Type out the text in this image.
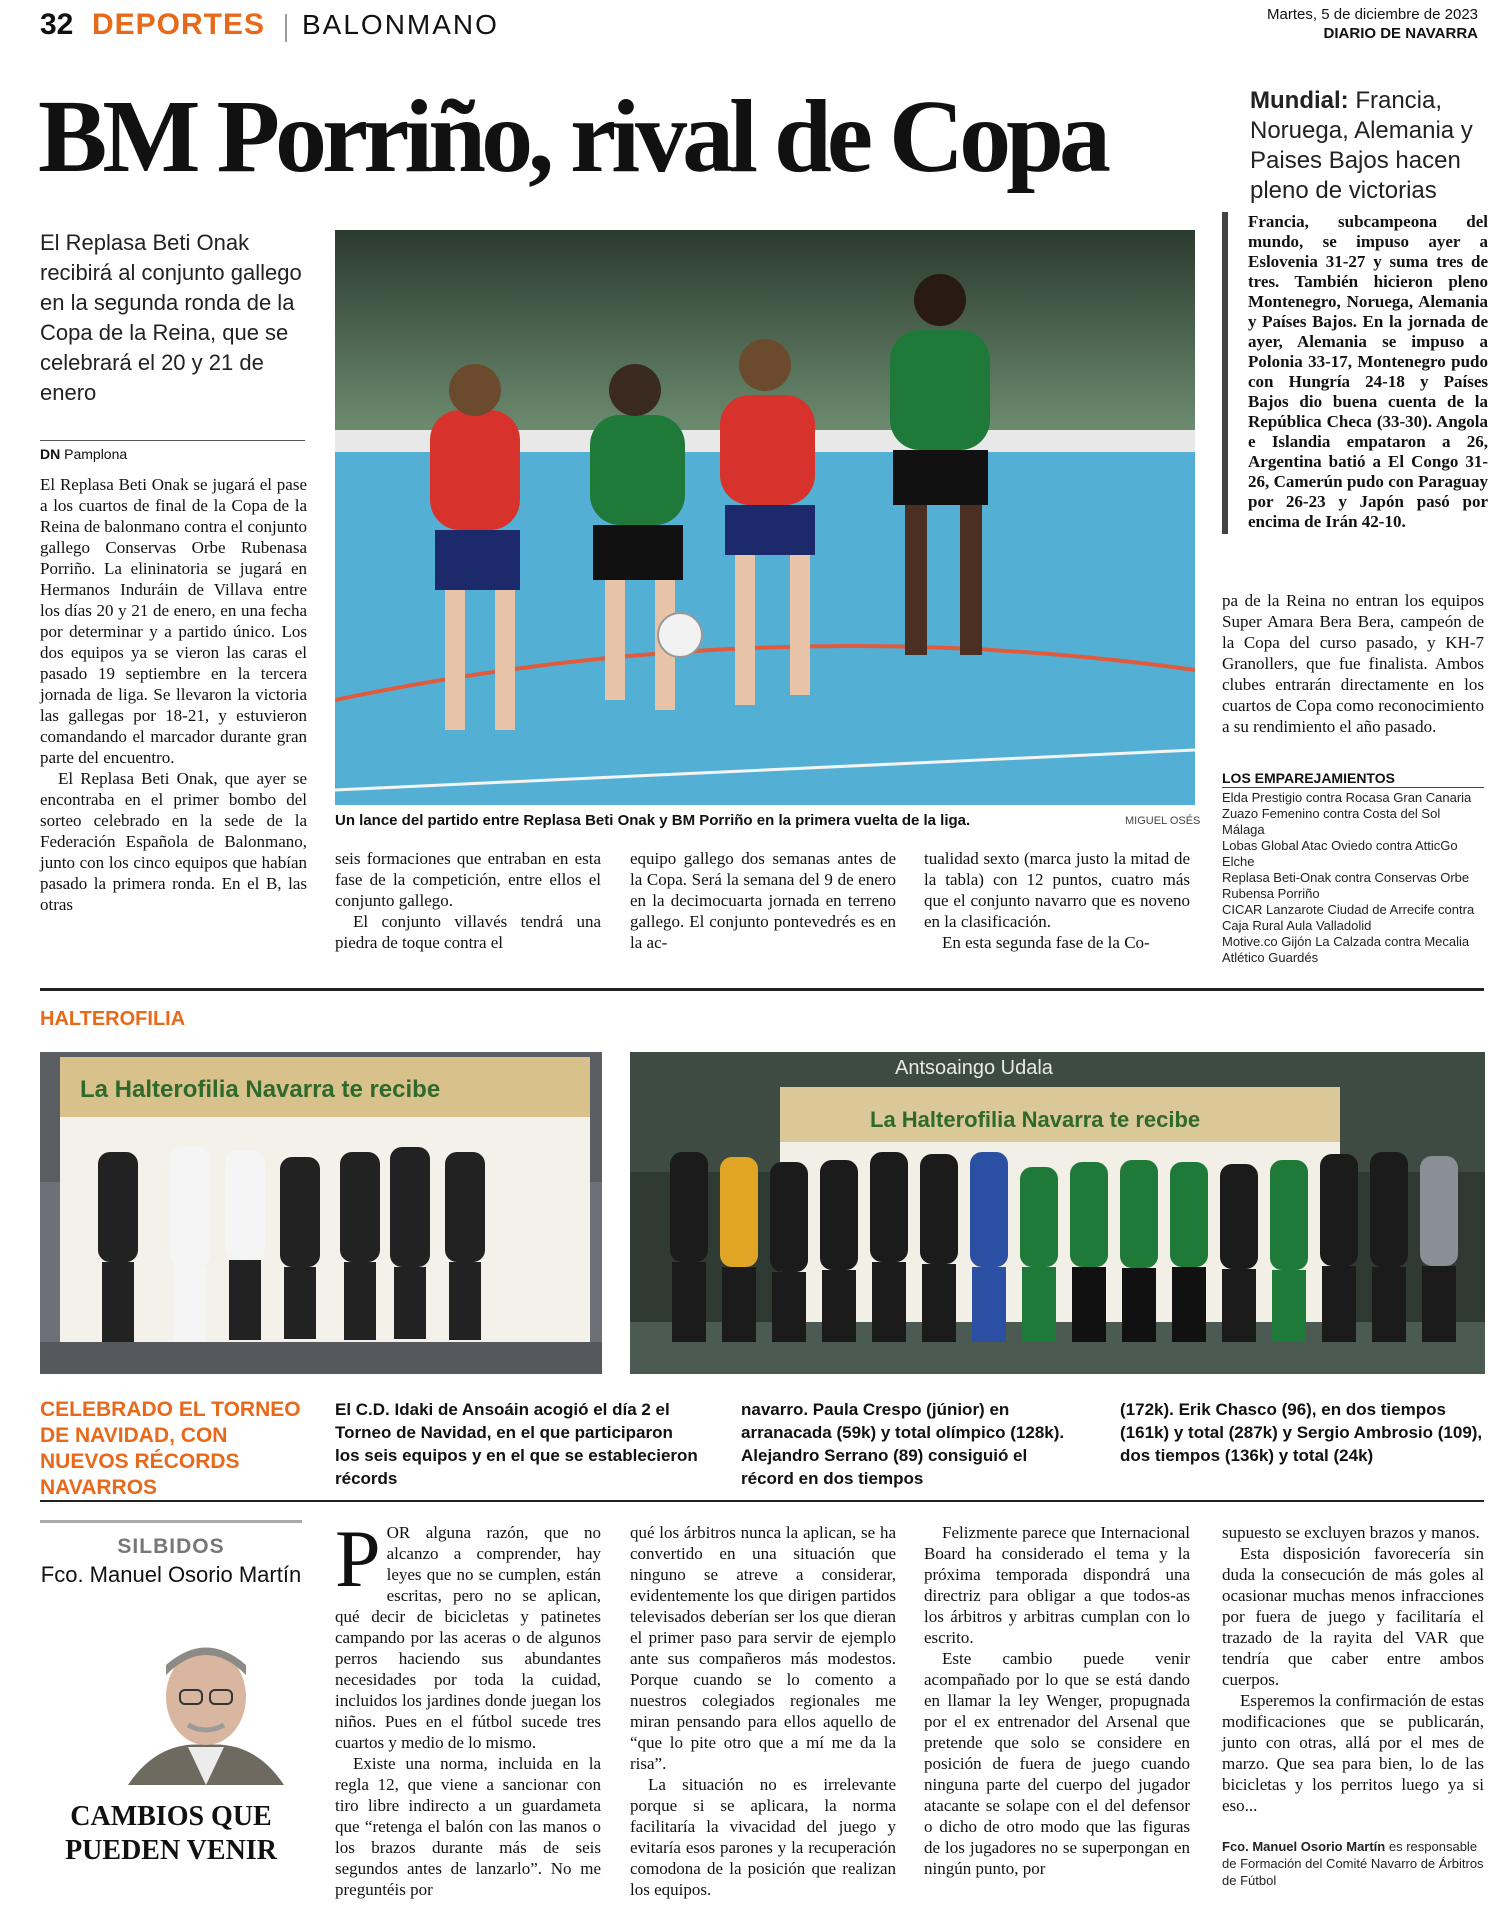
32 DEPORTES BALONMANO	Martes, 5 de diciembre de 2023
DIARIO DE NAVARRA
BM Porriño, rival de Copa
El Replasa Beti Onak recibirá al conjunto gallego en la segunda ronda de la Copa de la Reina, que se celebrará el 20 y 21 de enero
DN Pamplona

El Replasa Beti Onak se jugará el pase a los cuartos de final de la Copa de la Reina de balonmano contra el conjunto gallego Conservas Orbe Rubenasa Porriño. La elininatoria se jugará en Hermanos Induráin de Villava entre los días 20 y 21 de enero, en una fecha por determinar y a partido único. Los dos equipos ya se vieron las caras el pasado 19 septiembre en la tercera jornada de liga. Se llevaron la victoria las gallegas por 18-21, y estuvieron comandando el marcador durante gran parte del encuentro.

El Replasa Beti Onak, que ayer se encontraba en el primer bombo del sorteo celebrado en la sede de la Federación Española de Balonmano, junto con los cinco equipos que habían pasado la primera ronda. En el B, las otras

Un lance del partido entre Replasa Beti Onak y BM Porriño en la primera vuelta de la liga.	MIGUEL OSÉS

seis formaciones que entraban en esta fase de la competición, entre ellos el conjunto gallego.

El conjunto villavés tendrá una piedra de toque contra el

equipo gallego dos semanas antes de la Copa. Será la semana del 9 de enero en la decimocuarta jornada en terreno gallego. El conjunto pontevedrés es en la ac-

tualidad sexto (marca justo la mitad de la tabla) con 12 puntos, cuatro más que el conjunto navarro que es noveno en la clasificación.

En esta segunda fase de la Co-

pa de la Reina no entran los equipos Super Amara Bera Bera, campeón de la Copa del curso pasado, y KH-7 Granollers, que fue finalista. Ambos clubes entrarán directamente en los cuartos de Copa como reconocimiento a su rendimiento el año pasado.

Mundial: Francia, Noruega, Alemania y Paises Bajos hacen pleno de victorias
Francia, subcampeona del mundo, se impuso ayer a Eslovenia 31-27 y suma tres de tres. También hicieron pleno Montenegro, Noruega, Alemania y Países Bajos. En la jornada de ayer, Alemania se impuso a Polonia 33-17, Montenegro pudo con Hungría 24-18 y Países Bajos dio buena cuenta de la República Checa (33-30). Angola e Islandia empataron a 26, Argentina batió a El Congo 31-26, Camerún pudo con Paraguay por 26-23 y Japón pasó por encima de Irán 42-10.
LOS EMPAREJAMIENTOS
Elda Prestigio contra Rocasa Gran Canaria
Zuazo Femenino contra Costa del Sol Málaga
Lobas Global Atac Oviedo contra AtticGo Elche
Replasa Beti-Onak contra Conservas Orbe Rubensa Porriño
CICAR Lanzarote Ciudad de Arrecife contra Caja Rural Aula Valladolid
Motive.co Gijón La Calzada contra Mecalia Atlético Guardés
HALTEROFILIA
La Halterofilia Navarra te recibe
Antsoaingo Udala
La Halterofilia Navarra te recibe
CELEBRADO EL TORNEO DE NAVIDAD, CON NUEVOS RÉCORDS NAVARROS
El C.D. Idaki de Ansoáin acogió el día 2 el Torneo de Navidad, en el que participaron los seis equipos y en el que se establecieron récords
navarro. Paula Crespo (júnior) en arranacada (59k) y total olímpico (128k). Alejandro Serrano (89) consiguió el récord en dos tiempos
(172k). Erik Chasco (96), en dos tiempos (161k) y total (287k) y Sergio Ambrosio (109), dos tiempos (136k) y total (24k)
SILBIDOS
Fco. Manuel Osorio Martín
CAMBIOS QUE PUEDEN VENIR

POR alguna razón, que no alcanzo a comprender, hay leyes que no se cumplen, están escritas, pero no se aplican, qué decir de bicicletas y patinetes campando por las aceras o de algunos perros haciendo sus abundantes necesidades por toda la cuidad, incluidos los jardines donde juegan los niños. Pues en el fútbol sucede tres cuartos y medio de lo mismo.

Existe una norma, incluida en la regla 12, que viene a sancionar con tiro libre indirecto a un guardameta que “retenga el balón con las manos o los brazos durante más de seis segundos antes de lanzarlo”. No me preguntéis por

qué los árbitros nunca la aplican, se ha convertido en una situación que ninguno se atreve a considerar, evidentemente los que dirigen partidos televisados deberían ser los que dieran el primer paso para servir de ejemplo ante sus compañeros más modestos. Porque cuando se lo comento a nuestros colegiados regionales me miran pensando para ellos aquello de “que lo pite otro que a mí me da la risa”.

La situación no es irrelevante porque si se aplicara, la norma facilitaría la vivacidad del juego y evitaría esos parones y la recuperación comodona de la posición que realizan los equipos.

Felizmente parece que Internacional Board ha considerado el tema y la próxima temporada dispondrá una directriz para obligar a que todos-as los árbitros y arbitras cumplan con lo escrito.

Este cambio puede venir acompañado por lo que se está dando en llamar la ley Wenger, propugnada por el ex entrenador del Arsenal que pretende que solo se considere en posición de fuera de juego cuando ninguna parte del cuerpo del jugador atacante se solape con el del defensor o dicho de otro modo que las figuras de los jugadores no se superpongan en ningún punto, por

supuesto se excluyen brazos y manos.

Esta disposición favorecería sin duda la consecución de más goles al ocasionar muchas menos infracciones por fuera de juego y facilitaría el trazado de la rayita del VAR que tendría que caber entre ambos cuerpos.

Esperemos la confirmación de estas modificaciones que se publicarán, junto con otras, allá por el mes de marzo. Que sea para bien, lo de las bicicletas y los perritos luego ya si eso...

Fco. Manuel Osorio Martín es responsable de Formación del Comité Navarro de Árbitros de Fútbol
